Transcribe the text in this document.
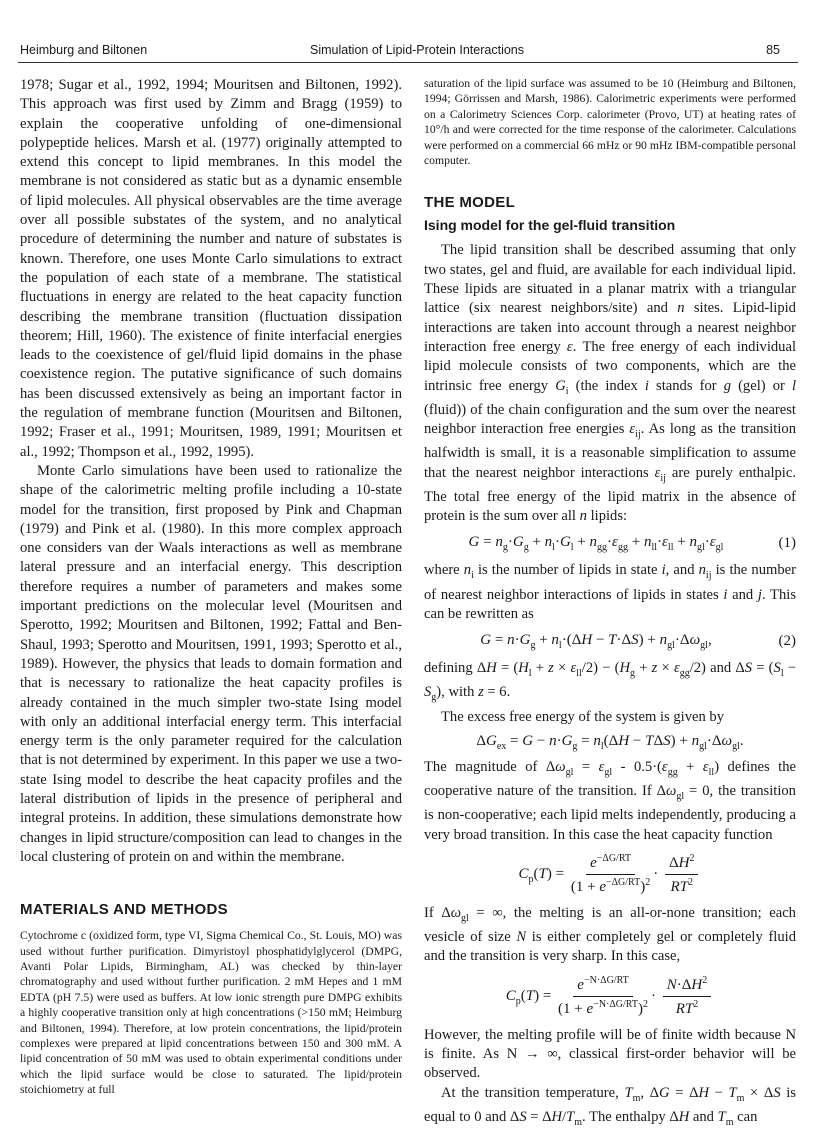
Heimburg and Biltonen	Simulation of Lipid-Protein Interactions	85

1978; Sugar et al., 1992, 1994; Mouritsen and Biltonen, 1992). This approach was first used by Zimm and Bragg (1959) to explain the cooperative unfolding of one-dimensional polypeptide helices. Marsh et al. (1977) originally attempted to extend this concept to lipid membranes. In this model the membrane is not considered as static but as a dynamic ensemble of lipid molecules. All physical observables are the time average over all possible substates of the system, and no analytical procedure of determining the number and nature of substates is known. Therefore, one uses Monte Carlo simulations to extract the population of each state of a membrane. The statistical fluctuations in energy are related to the heat capacity function describing the membrane transition (fluctuation dissipation theorem; Hill, 1960). The existence of finite interfacial energies leads to the coexistence of gel/fluid lipid domains in the phase coexistence region. The putative significance of such domains has been discussed extensively as being an important factor in the regulation of membrane function (Mouritsen and Biltonen, 1992; Fraser et al., 1991; Mouritsen, 1989, 1991; Mouritsen et al., 1992; Thompson et al., 1992, 1995).

Monte Carlo simulations have been used to rationalize the shape of the calorimetric melting profile including a 10-state model for the transition, first proposed by Pink and Chapman (1979) and Pink et al. (1980). In this more complex approach one considers van der Waals interactions as well as membrane lateral pressure and an interfacial energy. This description therefore requires a number of parameters and makes some important predictions on the molecular level (Mouritsen and Sperotto, 1992; Mouritsen and Biltonen, 1992; Fattal and Ben-Shaul, 1993; Sperotto and Mouritsen, 1991, 1993; Sperotto et al., 1989). However, the physics that leads to domain formation and that is necessary to rationalize the heat capacity profiles is already contained in the much simpler two-state Ising model with only an additional interfacial energy term. This interfacial energy term is the only parameter required for the calculation that is not determined by experiment. In this paper we use a two-state Ising model to describe the heat capacity profiles and the lateral distribution of lipids in the presence of peripheral and integral proteins. In addition, these simulations demonstrate how changes in lipid structure/composition can lead to changes in the local clustering of protein on and within the membrane.

MATERIALS AND METHODS

Cytochrome c (oxidized form, type VI, Sigma Chemical Co., St. Louis, MO) was used without further purification. Dimyristoyl phosphatidylglycerol (DMPG, Avanti Polar Lipids, Birmingham, AL) was checked by thin-layer chromatography and used without further purification. 2 mM Hepes and 1 mM EDTA (pH 7.5) were used as buffers. At low ionic strength pure DMPG exhibits a highly cooperative transition only at high concentrations (>150 mM; Heimburg and Biltonen, 1994). Therefore, at low protein concentrations, the lipid/protein complexes were prepared at lipid concentrations between 150 and 300 mM. A lipid concentration of 50 mM was used to obtain experimental conditions under which the lipid surface would be close to saturated. The lipid/protein stoichiometry at full

saturation of the lipid surface was assumed to be 10 (Heimburg and Biltonen, 1994; Görrissen and Marsh, 1986). Calorimetric experiments were performed on a Calorimetry Sciences Corp. calorimeter (Provo, UT) at heating rates of 10°/h and were corrected for the time response of the calorimeter. Calculations were performed on a commercial 66 mHz or 90 mHz IBM-compatible personal computer.

THE MODEL

Ising model for the gel-fluid transition

The lipid transition shall be described assuming that only two states, gel and fluid, are available for each individual lipid. These lipids are situated in a planar matrix with a triangular lattice (six nearest neighbors/site) and n sites. Lipid-lipid interactions are taken into account through a nearest neighbor interaction free energy ε. The free energy of each individual lipid molecule consists of two components, which are the intrinsic free energy $G_i$ (the index i stands for g (gel) or l (fluid)) of the chain configuration and the sum over the nearest neighbor interaction free energies $\varepsilon_{ij}$. As long as the transition halfwidth is small, it is a reasonable simplification to assume that the nearest neighbor interactions $\varepsilon_{ij}$ are purely enthalpic. The total free energy of the lipid matrix in the absence of protein is the sum over all n lipids:

$G = n_g\cdot G_g + n_l\cdot G_l + n_{gg}\cdot\varepsilon_{gg} + n_{ll}\cdot\varepsilon_{ll} + n_{gl}\cdot\varepsilon_{gl}$	(1)

where $n_i$ is the number of lipids in state i, and $n_{ij}$ is the number of nearest neighbor interactions of lipids in states i and j. This can be rewritten as

$G = n\cdot G_g + n_l\cdot(\Delta H - T\cdot\Delta S) + n_{gl}\cdot\Delta\omega_{gl}$,	(2)

defining $\Delta H = (H_l + z \times \varepsilon_{ll}/2) - (H_g + z \times \varepsilon_{gg}/2)$ and $\Delta S = (S_l - S_g)$, with z = 6.

The excess free energy of the system is given by

$\Delta G_{ex} = G - n\cdot G_g = n_l(\Delta H - T\Delta S) + n_{gl}\cdot\Delta\omega_{gl}$.

The magnitude of $\Delta\omega_{gl} = \varepsilon_{gl} - 0.5\cdot(\varepsilon_{gg} + \varepsilon_{ll})$ defines the cooperative nature of the transition. If $\Delta\omega_{gl} = 0$, the transition is non-cooperative; each lipid melts independently, producing a very broad transition. In this case the heat capacity function

$C_p(T) = \frac{e^{-\Delta G/RT}}{(1 + e^{-\Delta G/RT})^2} \cdot \frac{\Delta H^2}{RT^2}$

If $\Delta\omega_{gl}$ = ∞, the melting is an all-or-none transition; each vesicle of size N is either completely gel or completely fluid and the transition is very sharp. In this case,

$C_p(T) = \frac{e^{-N\cdot\Delta G/RT}}{(1 + e^{-N\cdot\Delta G/RT})^2} \cdot \frac{N\cdot\Delta H^2}{RT^2}$

However, the melting profile will be of finite width because N is finite. As N → ∞, classical first-order behavior will be observed.

At the transition temperature, $T_m$, $\Delta G = \Delta H - T_m \times \Delta S$ is equal to 0 and $\Delta S = \Delta H/T_m$. The enthalpy ΔH and $T_m$ can
